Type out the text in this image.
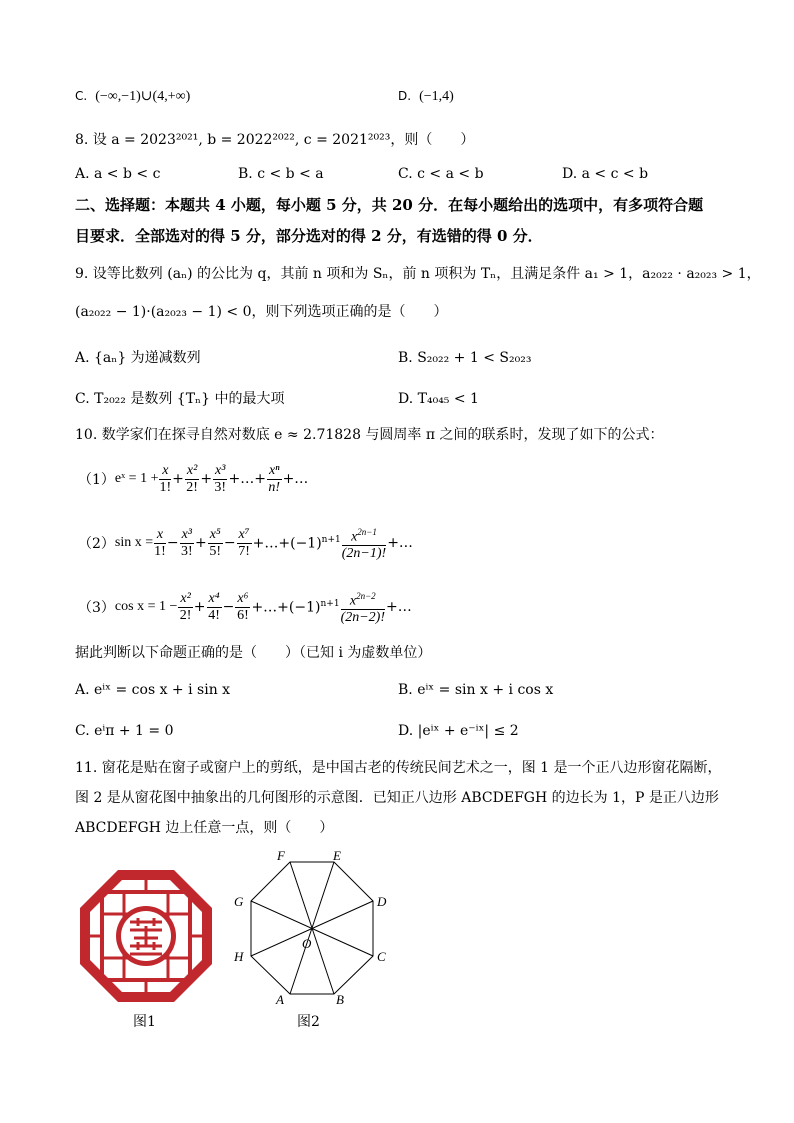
C. (−∞,−1)∪(4,+∞)	D. (−1,4)
8. 设 a = 2023²⁰²¹, b = 2022²⁰²², c = 2021²⁰²³，则（　　）
A. a < b < c	B. c < b < a	C. c < a < b	D. a < c < b
二、选择题：本题共 4 小题，每小题 5 分，共 20 分．在每小题给出的选项中，有多项符合题
目要求．全部选对的得 5 分，部分选对的得 2 分，有选错的得 0 分．
9. 设等比数列 (aₙ) 的公比为 q，其前 n 项和为 Sₙ，前 n 项积为 Tₙ，且满足条件 a₁ > 1，a₂₀₂₂ · a₂₀₂₃ > 1，
(a₂₀₂₂ − 1)·(a₂₀₂₃ − 1) < 0，则下列选项正确的是（　　）
A. {aₙ} 为递减数列	B. S₂₀₂₂ + 1 < S₂₀₂₃
C. T₂₀₂₂ 是数列 {Tₙ} 中的最大项	D. T₄₀₄₅ < 1
10. 数学家们在探寻自然对数底 e ≈ 2.71828 与圆周率 π 之间的联系时，发现了如下的公式：
（1） eˣ = $1 + \frac{x}{1!} + \frac{\text{x²}}{2!} + \frac{\text{x³}}{3!}$ +…+ $\frac{\text{xⁿ}}{n!}$ +…
（2） $\sin x = \frac{x}{1!} - \frac{\text{x³}}{3!} + \frac{\text{x⁵}}{5!} - \frac{\text{x⁷}}{7!}$ $+\dots+(-1)^{n+1} \frac{x^{2n-1}}{(2n-1)!}$ +…
（3） $\cos x = 1 - \frac{\text{x²}}{2!} + \frac{\text{x⁴}}{4!} - \frac{\text{x⁶}}{6!}$ $+\dots+(-1)^{n+1} \frac{x^{2n-2}}{(2n-2)!}$ +…
据此判断以下命题正确的是（　　）（已知 i 为虚数单位）
A. eⁱˣ = cos x + i sin x	B. eⁱˣ = sin x + i cos x
C. eⁱπ + 1 = 0	D. |eⁱˣ + e⁻ⁱˣ| ≤ 2
11. 窗花是贴在窗子或窗户上的剪纸，是中国古老的传统民间艺术之一，图 1 是一个正八边形窗花隔断，
图 2 是从窗花图中抽象出的几何图形的示意图．已知正八边形 ABCDEFGH 的边长为 1，P 是正八边形
ABCDEFGH 边上任意一点，则（　　）
图1
F	E
D
C
B
A
H
G
O
图2
